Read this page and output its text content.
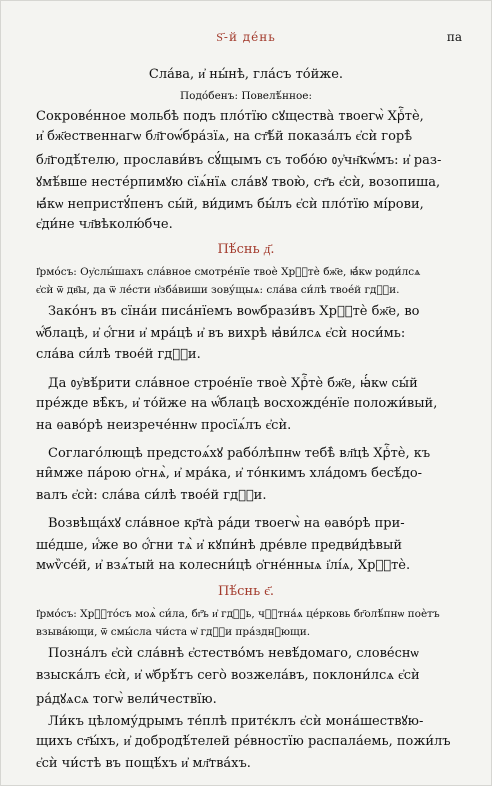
Ѕ҃-й де́нь	па
Сла́ва, и҆ ны́нѣ, гла́съ то́йже.
Подо́бенъ: Повелѣ́нное:
Сокрове́нное мольбѣ подъ пло́тїю сꙋщества̀ твоегѡ̀ Хрⷭ҇тѐ,
и҆ бж҃ественнагѡ бл҃гоѡ́бра́зїѧ, на ст҃ѣ́й показа́лъ є҆сѝ горѣ̀
бл҃годѣ́телю, прослави́въ сꙋ́щымъ съ тобо́ю ᲂу҆чн҃кѡ́мъ: и҆ раз-
ꙋмѣ́вше несте́рпимꙋю сїѧ́нїѧ сла́вꙋ твою̀, ст҃ъ є҆сѝ, возопиша,
ꙗ҆́кѡ непристꙋ́пенъ сы́й, ви́димъ бы́лъ є҆сѝ пло́тїю мі́рови,
є҆ди́не чл҃вѣколю́бче.
Пѣ́снь д҃.
І҆рмо́съ: Оу҆слы́шахъ сла́вное смотре́нїе твоѐ Хрⷭ҇тѐ бж҃е, ꙗ҆́кѡ роди́лсѧ
є҆сѝ ѿ дв҃ы, да ѿ ле́сти и҆зба́виши зову́щыѧ: сла́ва си́лѣ твое́й гдⷭ҇и.
Зако́нъ въ сїна́и писа́нїемъ воѡбрази́въ Хрⷭ҇тѐ бж҃е, во
ѡ҆́блацѣ, и҆ ѻ҆́гни и҆ мра́цѣ и҆ въ вихрѣ ꙗ҆ви́лсѧ є҆сѝ носи́мь:
сла́ва си́лѣ твое́й гдⷭ҇и.
Да ᲂу҆вѣ́рити сла́вное строе́нїе твоѐ Хрⷭ҇тѐ бж҃е, ꙗ҆́кѡ сы́й
пре́жде вѣ̑къ, и҆ то́йже на ѡ҆́блацѣ восхожде́нїе положи́вый,
на ѳаво́рѣ неизрече́ннѡ просїѧ́лъ є҆сѝ.
Соглаго́лющѣ предстоѧ́хꙋ рабо́лѣпнѡ тебѣ̀ вл҃цѣ Хрⷭ҇тѐ, къ
ни̑мже па́рою ѻ҆гнѧ̀, и҆ мра́ка, и҆ то́нкимъ хла́домъ бесѣ́до-
валъ є҆сѝ: сла́ва си́лѣ твое́й гдⷭ҇и.
Возвѣща́хꙋ сла́вное кр҃та̀ ра́ди твоегѡ̀ на ѳаво́рѣ при-
ше́дше, и҆́же во ѻ҆́гни тѧ̀ и҆ кꙋпи́нѣ дре́вле предви́дѣвый
мѡѷсе́й, и҆ взѧ́тый на колесни́цѣ ѻ҆гне́нныѧ і҆лі́ѧ, Хрⷭ҇тѐ.
Пѣ́снь є҃.
І҆рмо́съ: Хрⷭ҇то́съ моѧ̀ си́ла, бг҃ъ и҆ гдⷭ҇ь, чⷭ҇тна́ѧ це́рковь бг҃олѣ́пнѡ поѐтъ
взыва́ющи, ѿ смы́сла чи́ста ѡ҆ гдⷭ҇и пра́зднꙋющи.
Позна́лъ є҆сѝ сла́внѣ є҆стество́мъ невѣ́домаго, слове́снѡ
взыска́лъ є҆сѝ, и҆ ѡ҆брѣ́тъ сего̀ возжела́въ, поклони́лсѧ є҆сѝ
ра́дꙋѧсѧ тогѡ̀ вели́чествїю.
Ли́къ цѣлому́дрымъ те́плѣ притє́клъ є҆сѝ мона́шествꙋю-
щихъ ст҃ы́хъ, и҆ добродѣ́телей ре́вностїю распала́емь, пожи́лъ
є҆сѝ чи́стѣ въ пощѣ́хъ и҆ мл҃тва́хъ.
